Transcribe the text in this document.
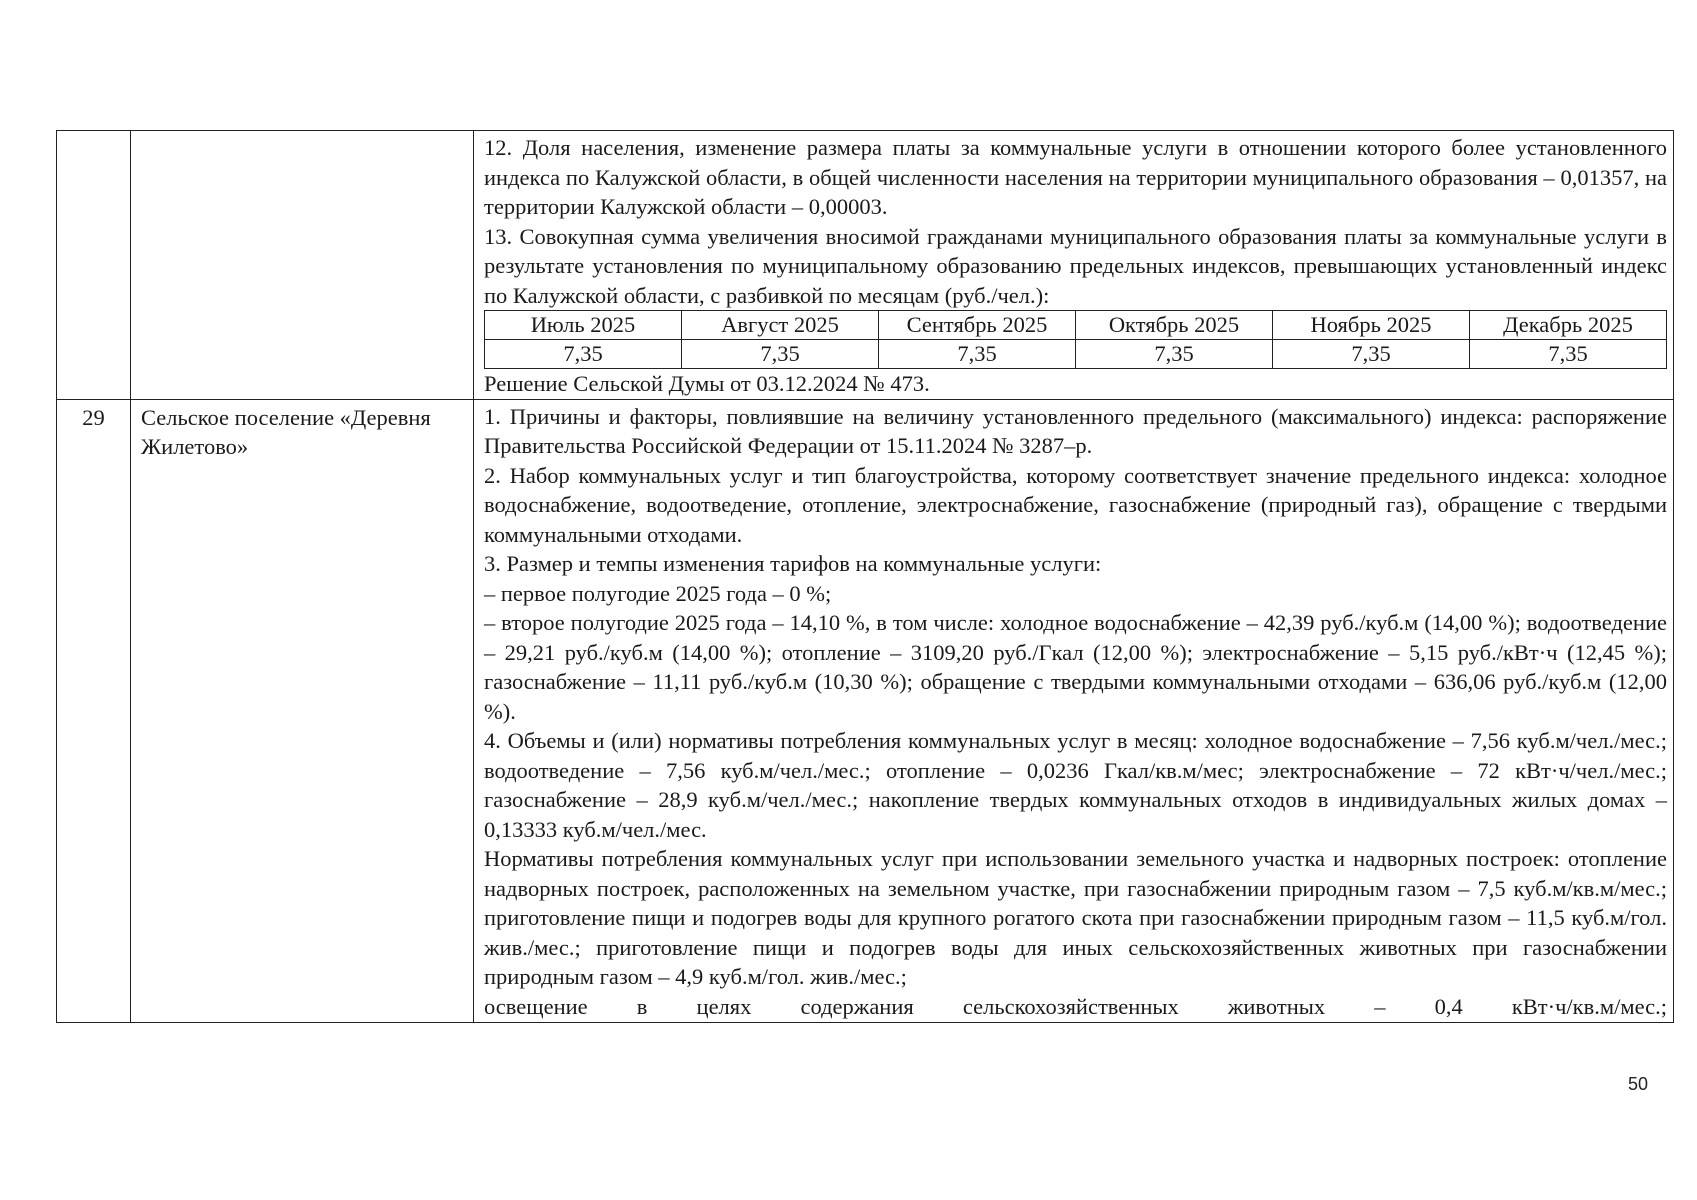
12. Доля населения, изменение размера платы за коммунальные услуги в отношении которого более установленного индекса по Калужской области, в общей численности населения на территории муниципального образования – 0,01357, на территории Калужской области – 0,00003.

13. Совокупная сумма увеличения вносимой гражданами муниципального образования платы за коммунальные услуги в результате установления по муниципальному образованию предельных индексов, превышающих установленный индекс по Калужской области, с разбивкой по месяцам (руб./чел.):

Июль 2025	Август 2025	Сентябрь 2025	Октябрь 2025	Ноябрь 2025	Декабрь 2025
7,35	7,35	7,35	7,35	7,35	7,35

Решение Сельской Думы от 03.12.2024 № 473.

29	Сельское поселение «Деревня Жилетово»

1. Причины и факторы, повлиявшие на величину установленного предельного (максимального) индекса: распоряжение Правительства Российской Федерации от 15.11.2024 № 3287–р.

2. Набор коммунальных услуг и тип благоустройства, которому соответствует значение предельного индекса: холодное водоснабжение, водоотведение, отопление, электроснабжение, газоснабжение (природный газ), обращение с твердыми коммунальными отходами.

3. Размер и темпы изменения тарифов на коммунальные услуги:

– первое полугодие 2025 года – 0 %;

– второе полугодие 2025 года – 14,10 %, в том числе: холодное водоснабжение – 42,39 руб./куб.м (14,00 %); водоотведение – 29,21 руб./куб.м (14,00 %); отопление – 3109,20 руб./Гкал (12,00 %); электроснабжение – 5,15 руб./кВт·ч (12,45 %); газоснабжение – 11,11 руб./куб.м (10,30 %); обращение с твердыми коммунальными отходами – 636,06 руб./куб.м (12,00 %).

4. Объемы и (или) нормативы потребления коммунальных услуг в месяц: холодное водоснабжение – 7,56 куб.м/чел./мес.; водоотведение – 7,56 куб.м/чел./мес.; отопление – 0,0236 Гкал/кв.м/мес; электроснабжение – 72 кВт·ч/чел./мес.; газоснабжение – 28,9 куб.м/чел./мес.; накопление твердых коммунальных отходов в индивидуальных жилых домах – 0,13333 куб.м/чел./мес.

Нормативы потребления коммунальных услуг при использовании земельного участка и надворных построек: отопление надворных построек, расположенных на земельном участке, при газоснабжении природным газом – 7,5 куб.м/кв.м/мес.; приготовление пищи и подогрев воды для крупного рогатого скота при газоснабжении природным газом – 11,5 куб.м/гол. жив./мес.; приготовление пищи и подогрев воды для иных сельскохозяйственных животных при газоснабжении природным газом – 4,9 куб.м/гол. жив./мес.;

освещение в целях содержания сельскохозяйственных животных – 0,4 кВт·ч/кв.м/мес.;

50
